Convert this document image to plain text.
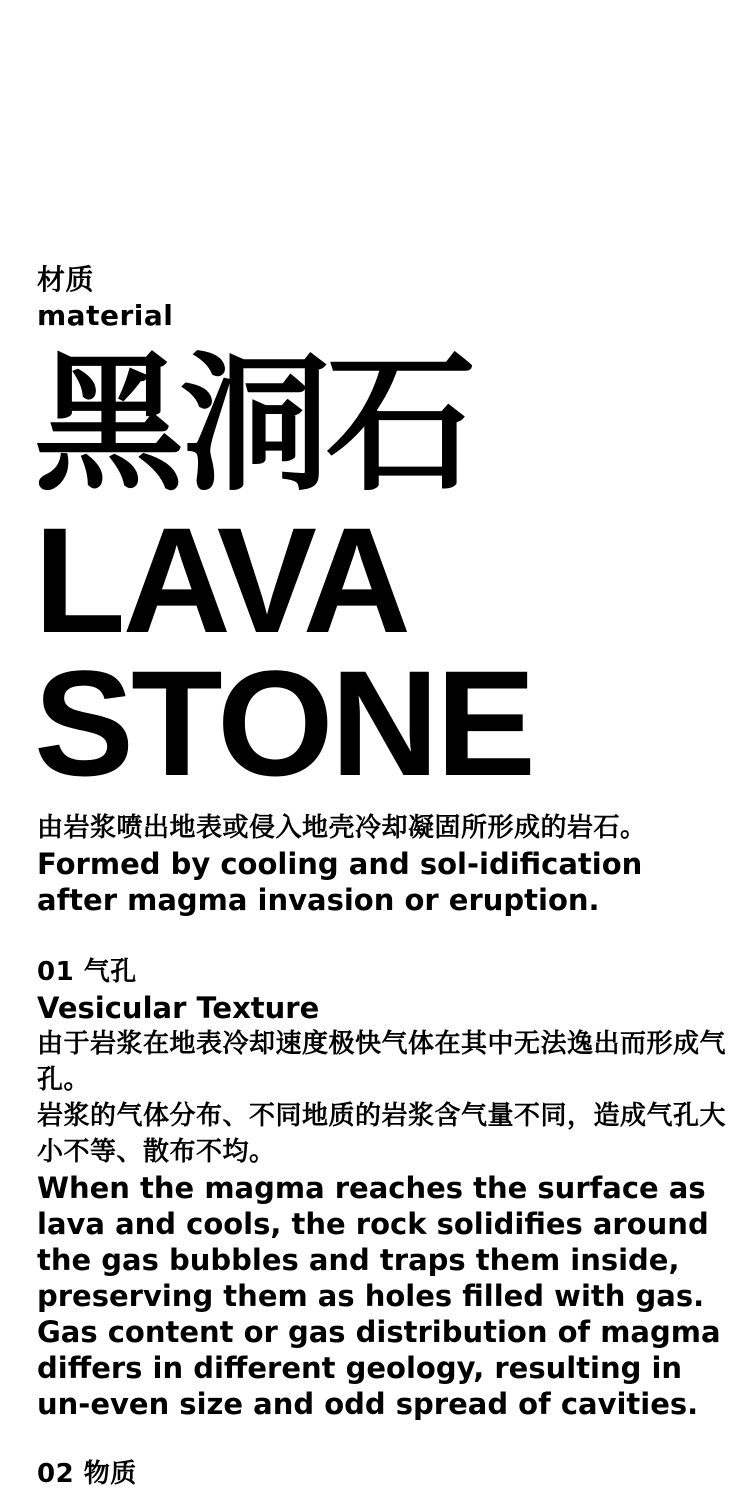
材质
material
黑洞石
LAVA
STONE

由岩浆喷出地表或侵入地壳冷却凝固所形成的岩石。

Formed by cooling and sol-idification after magma invasion or eruption.

01 气孔

Vesicular Texture

由于岩浆在地表冷却速度极快气体在其中无法逸出而形成气孔。

岩浆的气体分布、不同地质的岩浆含气量不同，造成气孔大小不等、散布不均。

When the magma reaches the surface as lava and cools, the rock solidifies around the gas bubbles and traps them inside, preserving them as holes filled with gas.

Gas content or gas distribution of magma differs in different geology, resulting in un-even size and odd spread of cavities.

02 物质
